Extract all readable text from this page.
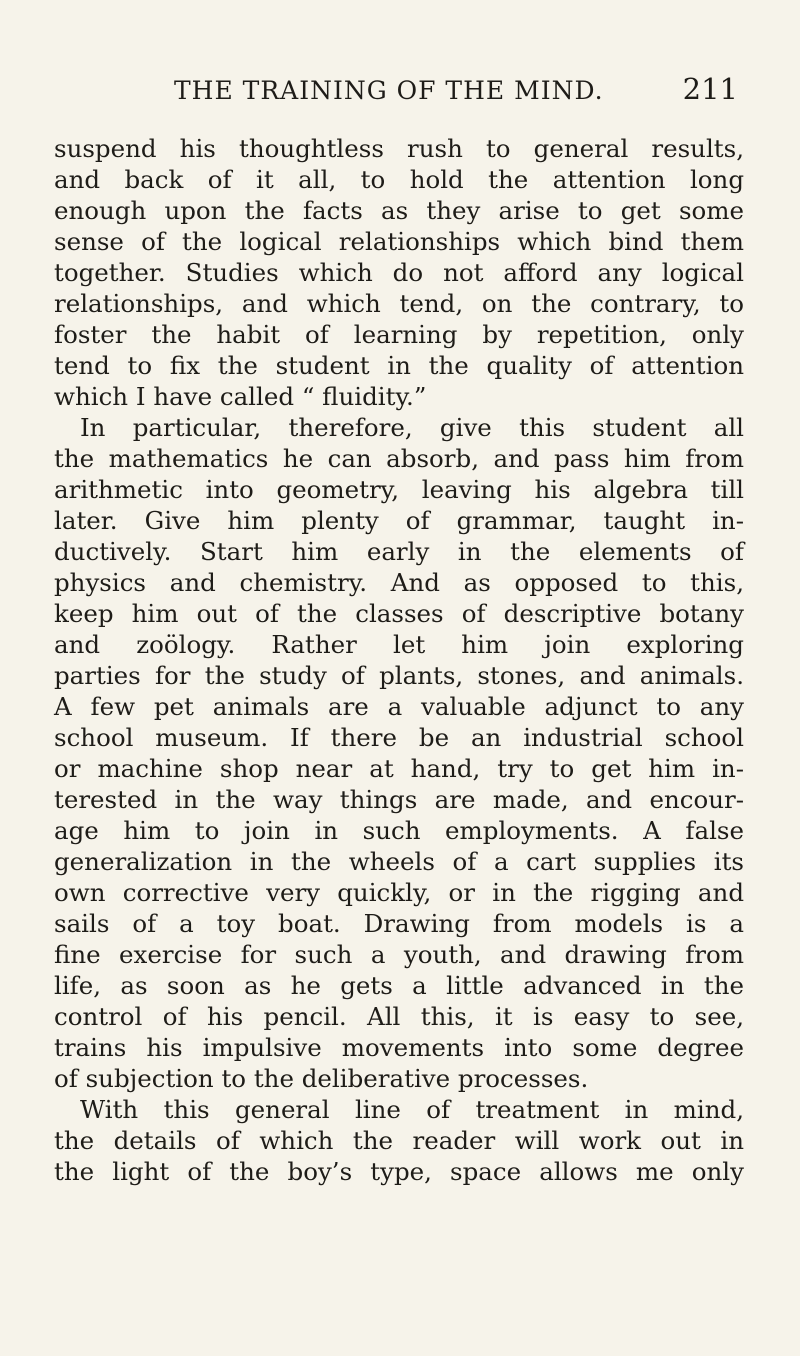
THE TRAINING OF THE MIND.	211
suspend his thoughtless rush to general results,
and back of it all, to hold the attention long
enough upon the facts as they arise to get some
sense of the logical relationships which bind them
together. Studies which do not afford any logical
relationships, and which tend, on the contrary, to
foster the habit of learning by repetition, only
tend to fix the student in the quality of attention
which I have called “ fluidity.”
In particular, therefore, give this student all
the mathematics he can absorb, and pass him from
arithmetic into geometry, leaving his algebra till
later. Give him plenty of grammar, taught in-
ductively. Start him early in the elements of
physics and chemistry. And as opposed to this,
keep him out of the classes of descriptive botany
and zoölogy. Rather let him join exploring
parties for the study of plants, stones, and animals.
A few pet animals are a valuable adjunct to any
school museum. If there be an industrial school
or machine shop near at hand, try to get him in-
terested in the way things are made, and encour-
age him to join in such employments. A false
generalization in the wheels of a cart supplies its
own corrective very quickly, or in the rigging and
sails of a toy boat. Drawing from models is a
fine exercise for such a youth, and drawing from
life, as soon as he gets a little advanced in the
control of his pencil. All this, it is easy to see,
trains his impulsive movements into some degree
of subjection to the deliberative processes.
With this general line of treatment in mind,
the details of which the reader will work out in
the light of the boy’s type, space allows me only
